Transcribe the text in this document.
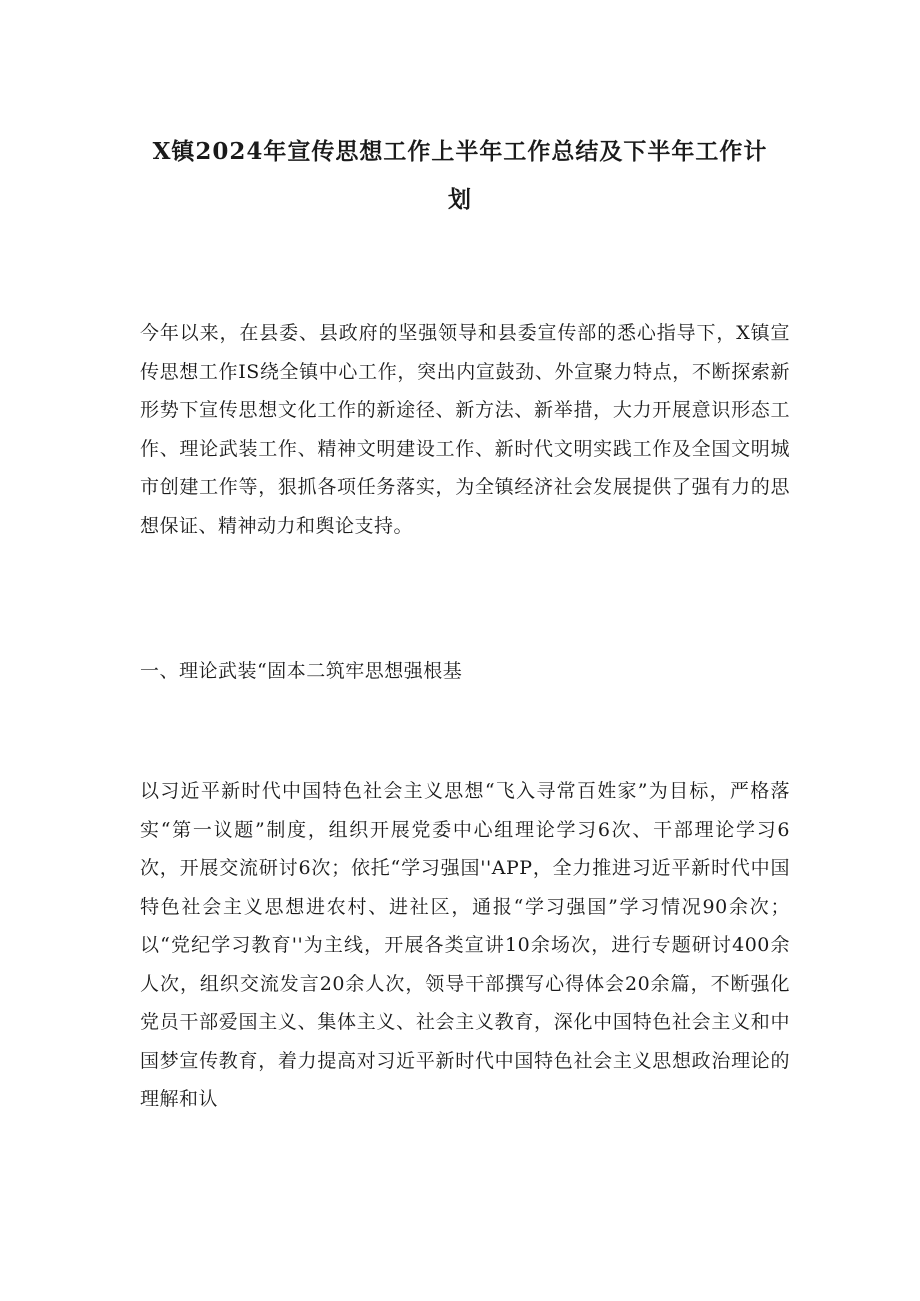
X镇2024年宣传思想工作上半年工作总结及下半年工作计
划

今年以来，在县委、县政府的坚强领导和县委宣传部的悉心指导下，X镇宣传思想工作IS绕全镇中心工作，突出内宣鼓劲、外宣聚力特点，不断探索新形势下宣传思想文化工作的新途径、新方法、新举措，大力开展意识形态工作、理论武装工作、精神文明建设工作、新时代文明实践工作及全国文明城市创建工作等，狠抓各项任务落实，为全镇经济社会发展提供了强有力的思想保证、精神动力和舆论支持。

一、理论武装“固本二筑牢思想强根基

以习近平新时代中国特色社会主义思想“飞入寻常百姓家”为目标，严格落实“第一议题”制度，组织开展党委中心组理论学习6次、干部理论学习6次，开展交流研讨6次；依托“学习强国''APP，全力推进习近平新时代中国特色社会主义思想进农村、进社区，通报“学习强国”学习情况90余次；以“党纪学习教育''为主线，开展各类宣讲10余场次，进行专题研讨400余人次，组织交流发言20余人次，领导干部撰写心得体会20余篇，不断强化党员干部爱国主义、集体主义、社会主义教育，深化中国特色社会主义和中国梦宣传教育，着力提高对习近平新时代中国特色社会主义思想政治理论的理解和认
